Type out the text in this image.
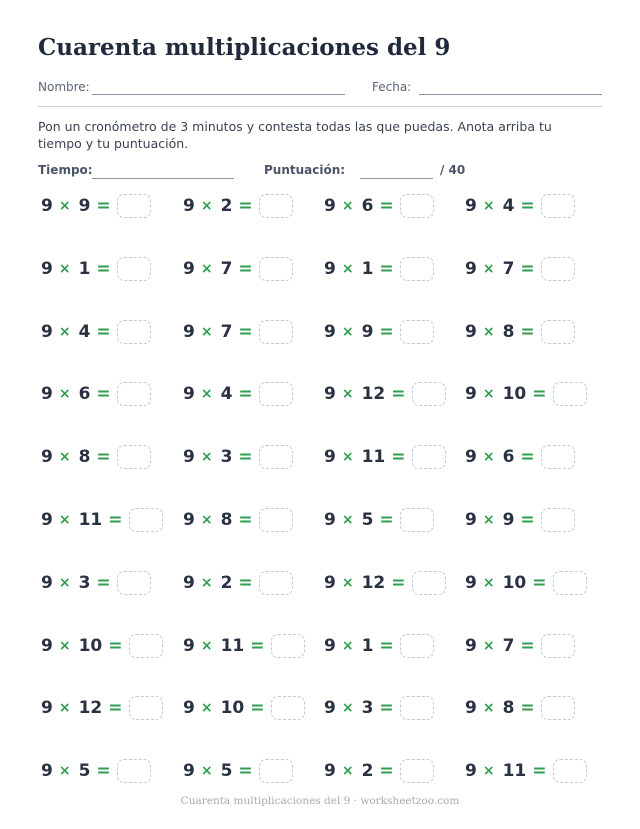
Cuarenta multiplicaciones del 9
Nombre:	Fecha:
Pon un cronómetro de 3 minutos y contesta todas las que puedas. Anota arriba tu tiempo y tu puntuación.
Tiempo:	Puntuación:	/ 40
9 × 9 =	9 × 2 =	9 × 6 =	9 × 4 =
9 × 1 =	9 × 7 =	9 × 1 =	9 × 7 =
9 × 4 =	9 × 7 =	9 × 9 =	9 × 8 =
9 × 6 =	9 × 4 =	9 × 12 =	9 × 10 =
9 × 8 =	9 × 3 =	9 × 11 =	9 × 6 =
9 × 11 =	9 × 8 =	9 × 5 =	9 × 9 =
9 × 3 =	9 × 2 =	9 × 12 =	9 × 10 =
9 × 10 =	9 × 11 =	9 × 1 =	9 × 7 =
9 × 12 =	9 × 10 =	9 × 3 =	9 × 8 =
9 × 5 =	9 × 5 =	9 × 2 =	9 × 11 =
Cuarenta multiplicaciones del 9 · worksheetzoo.com
